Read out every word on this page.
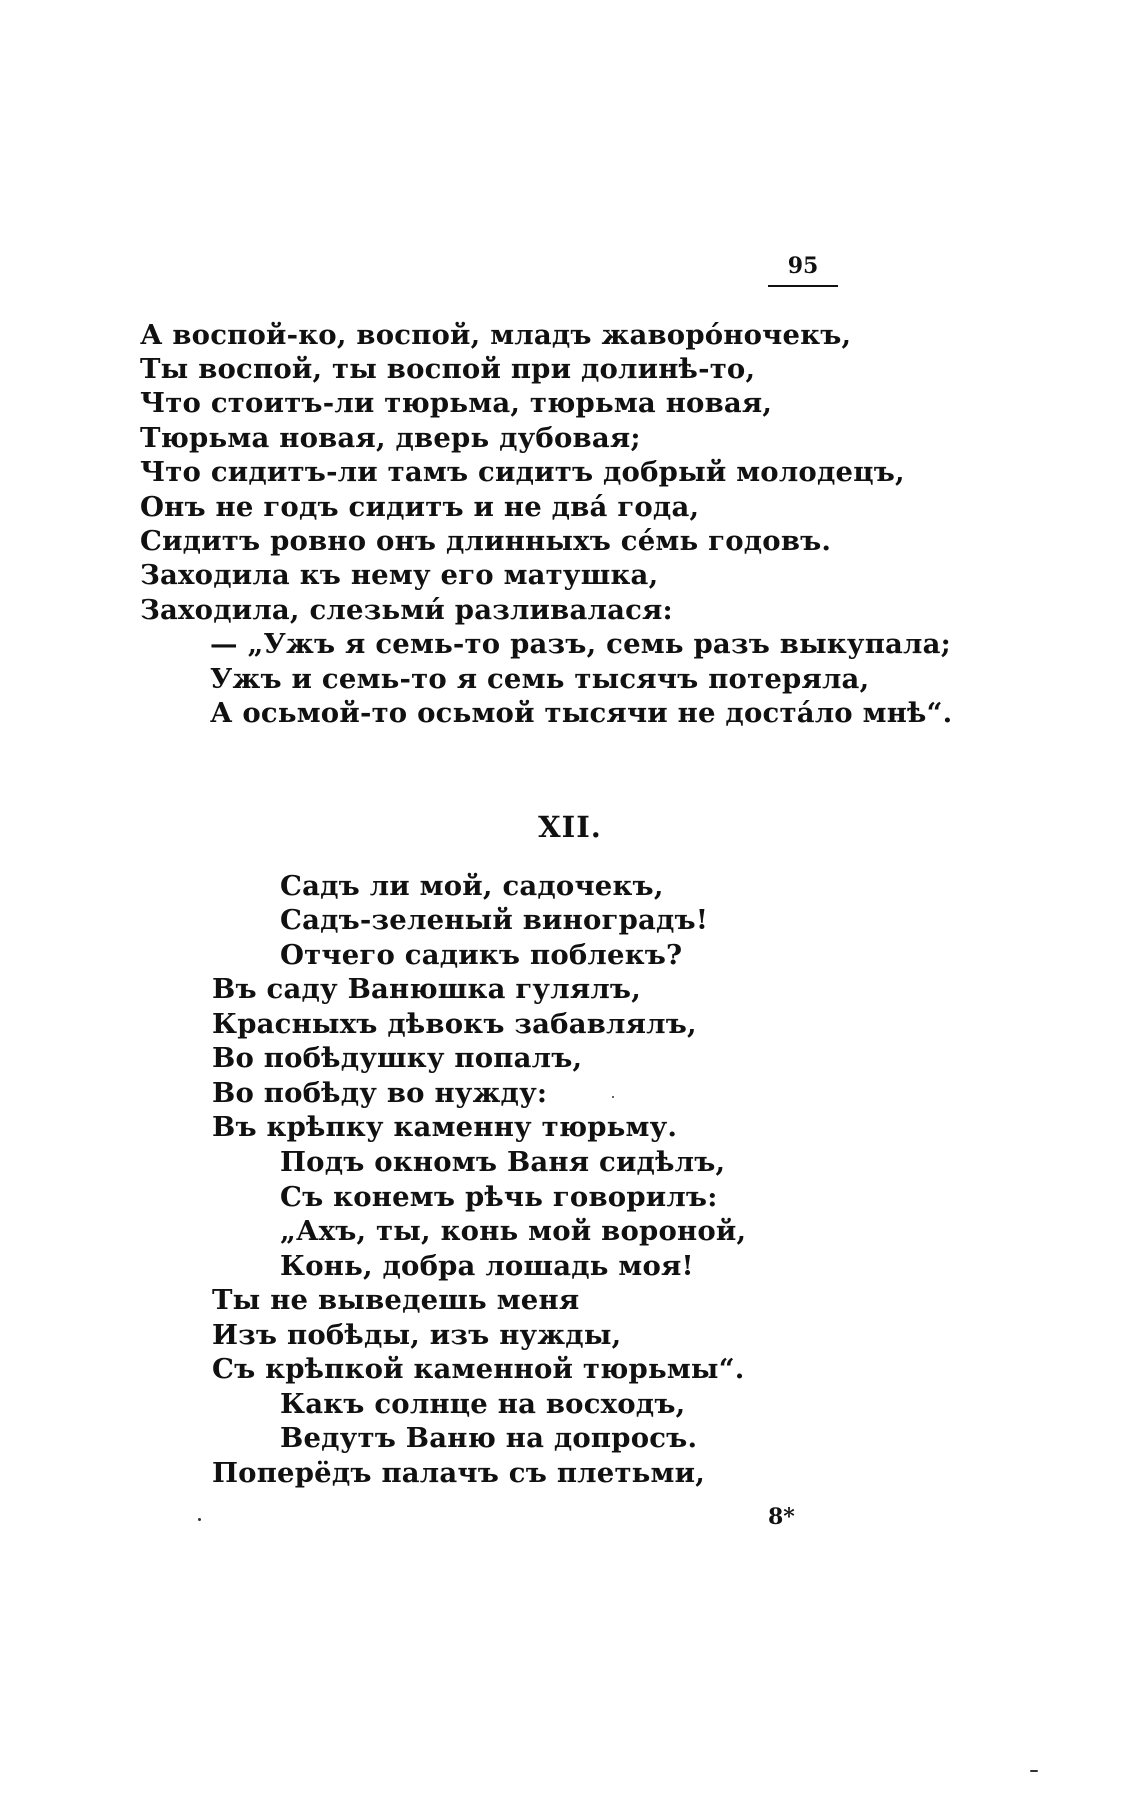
95
А воспой-ко, воспой, младъ жаворо́ночекъ,
Ты воспой, ты воспой при долинѣ-то,
Что стоитъ-ли тюрьма, тюрьма новая,
Тюрьма новая, дверь дубовая;
Что сидитъ-ли тамъ сидитъ добрый молодецъ,
Онъ не годъ сидитъ и не два́ года,
Сидитъ ровно онъ длинныхъ се́мь годовъ.
Заходила къ нему его матушка,
Заходила, слезьми́ разливалася:
— „Ужъ я семь-то разъ, семь разъ выкупала;
Ужъ и семь-то я семь тысячъ потеряла,
А осьмой-то осьмой тысячи не доста́ло мнѣ“.
XII.
Садъ ли мой, садочекъ,
Садъ-зеленый виноградъ!
Отчего садикъ поблекъ?
Въ саду Ванюшка гулялъ,
Красныхъ дѣвокъ забавлялъ,
Во побѣдушку попалъ,
Во побѣду во нужду:
Въ крѣпку каменну тюрьму.
Подъ окномъ Ваня сидѣлъ,
Съ конемъ рѣчь говорилъ:
„Ахъ, ты, конь мой вороной,
Конь, добра лошадь моя!
Ты не выведешь меня
Изъ побѣды, изъ нужды,
Съ крѣпкой каменной тюрьмы“.
Какъ солнце на восходъ,
Ведутъ Ваню на допросъ.
Поперёдъ палачъ съ плетьми,
8*
